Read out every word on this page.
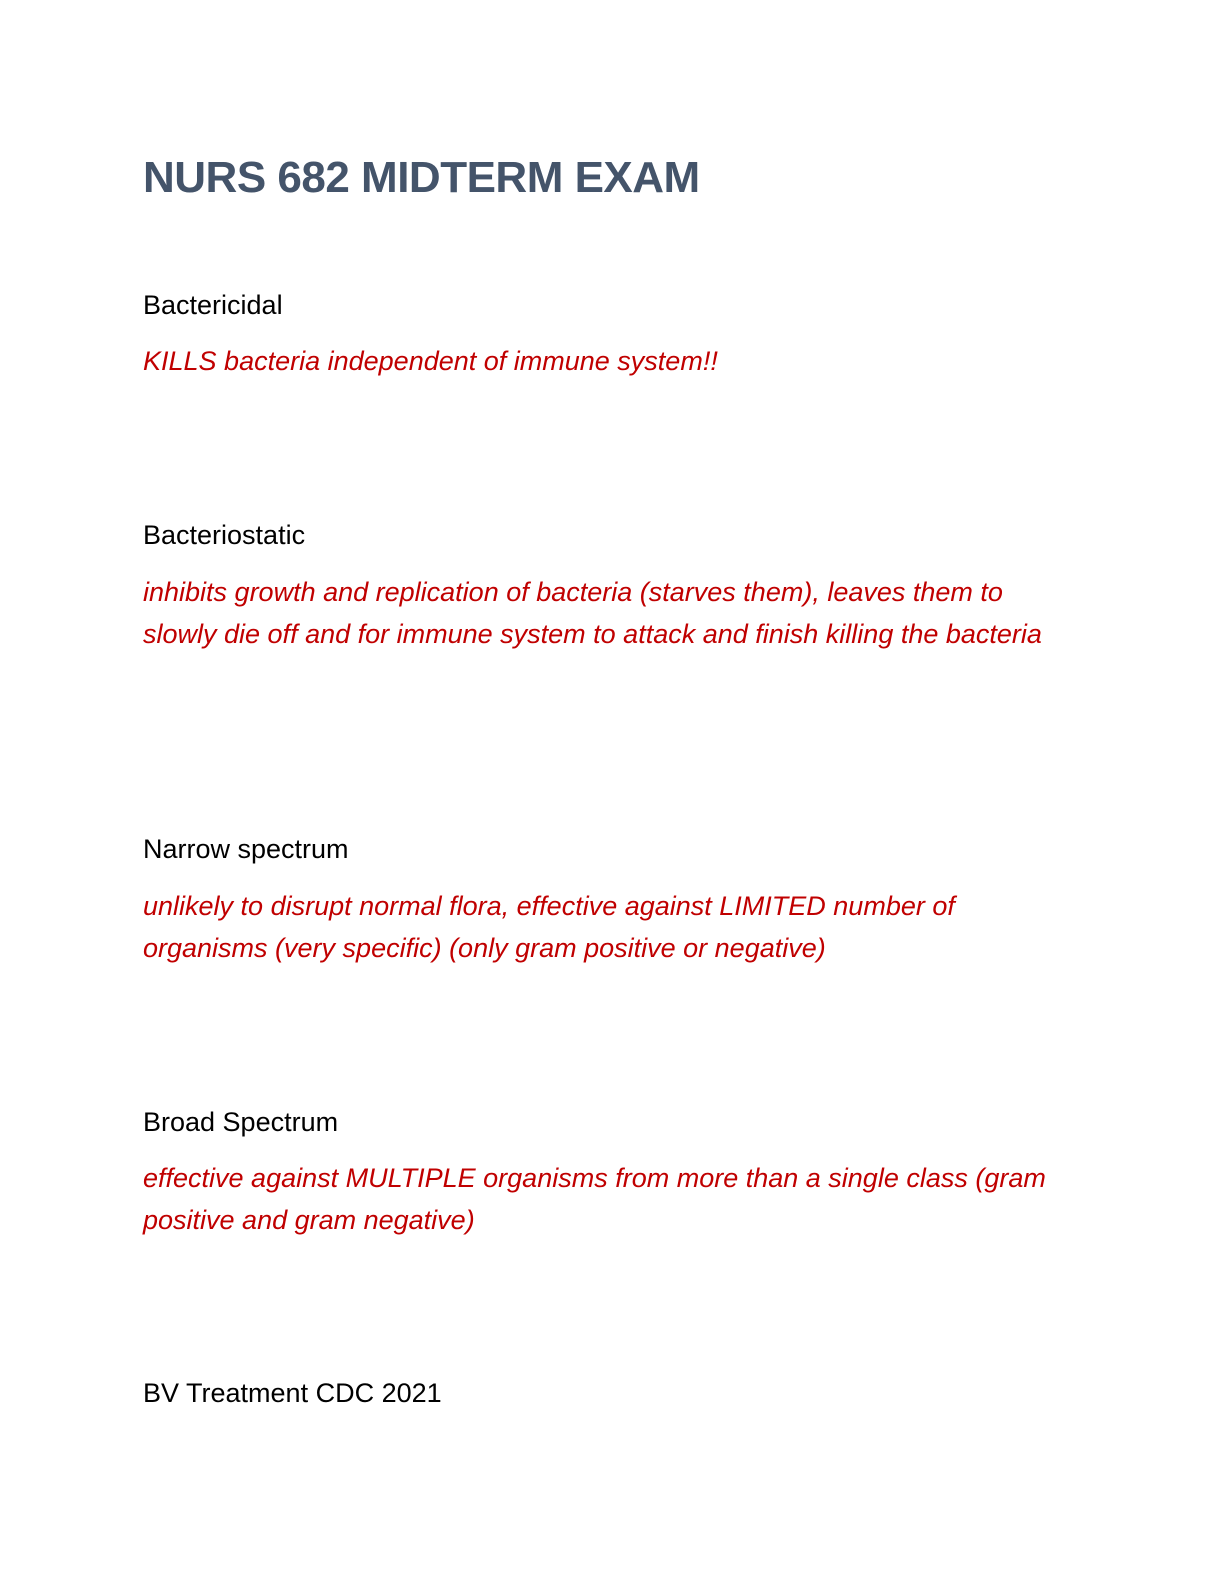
NURS 682 MIDTERM EXAM

Bactericidal

KILLS bacteria independent of immune system!!

Bacteriostatic

inhibits growth and replication of bacteria (starves them), leaves them to slowly die off and for immune system to attack and finish killing the bacteria

Narrow spectrum

unlikely to disrupt normal flora, effective against LIMITED number of organisms (very specific) (only gram positive or negative)

Broad Spectrum

effective against MULTIPLE organisms from more than a single class (gram positive and gram negative)

BV Treatment CDC 2021
